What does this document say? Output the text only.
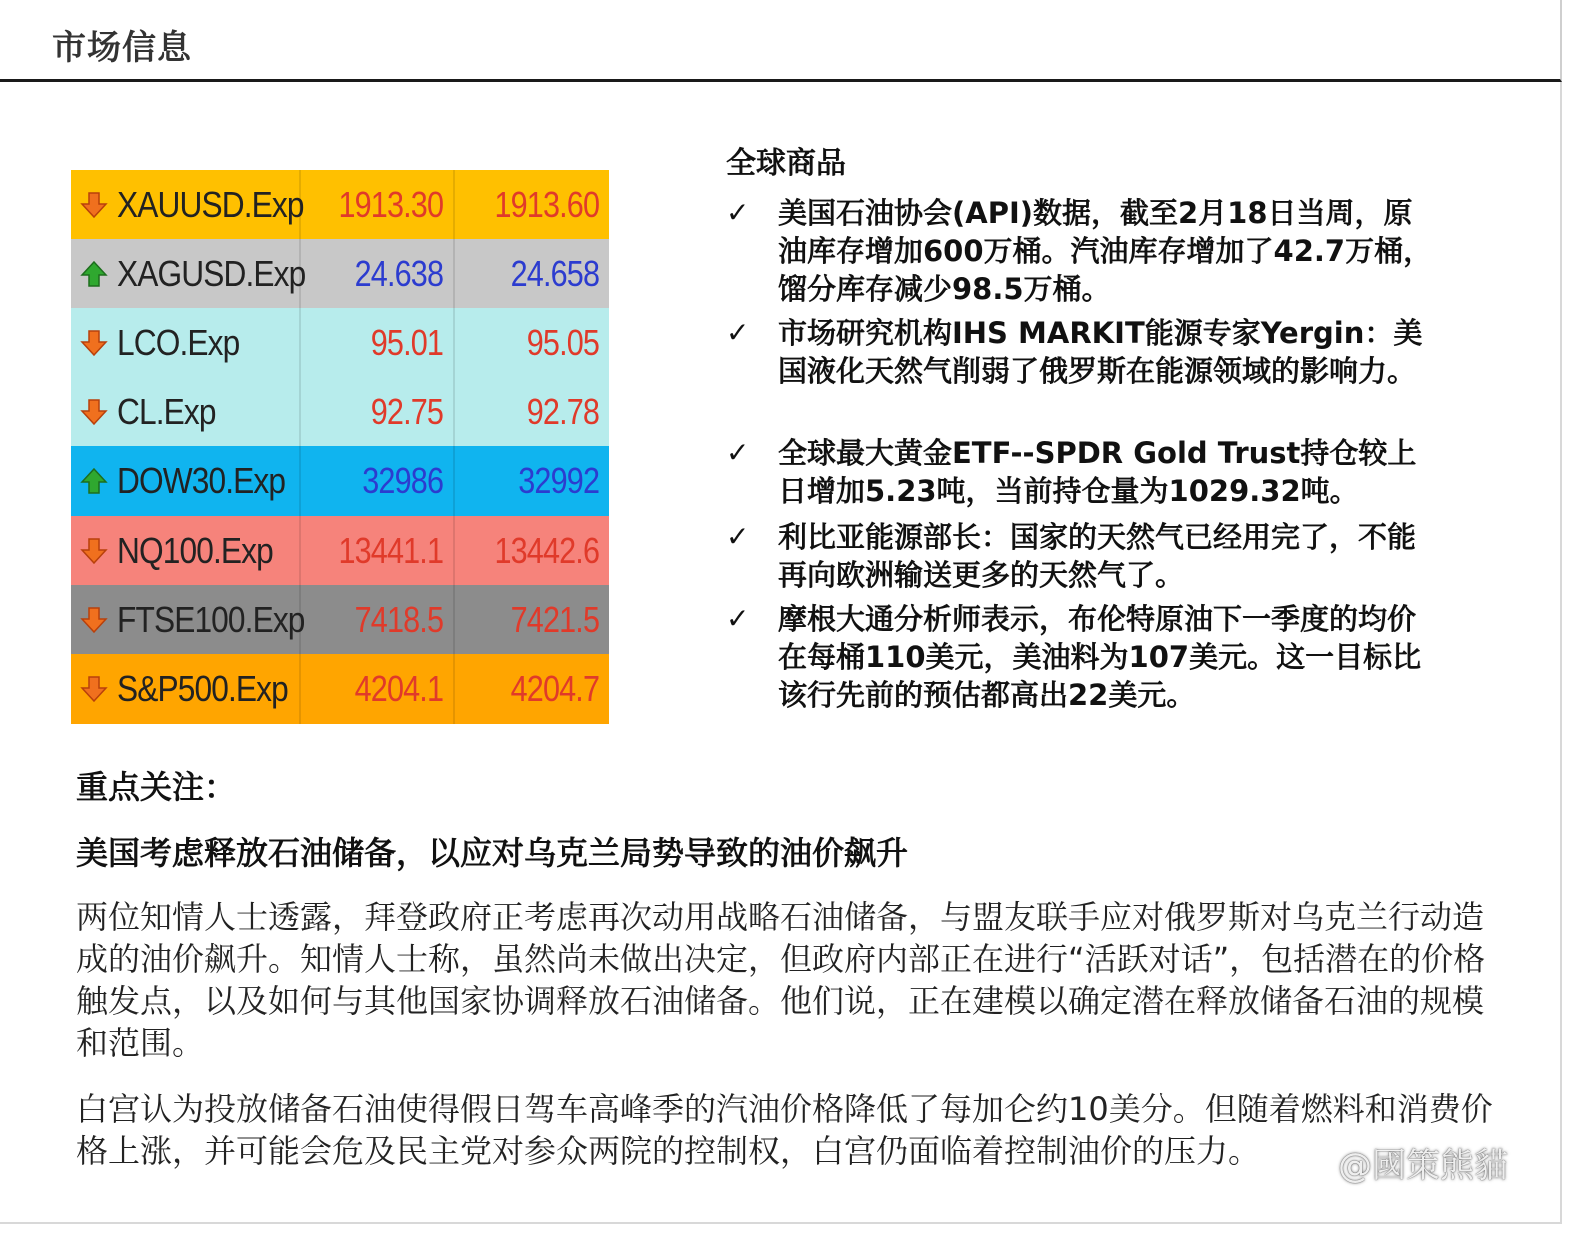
市场信息
XAUUSD.Exp 1913.30 1913.60
XAGUSD.Exp 24.638 24.658
LCO.Exp	95.01 95.05
CL.Exp	92.75 92.78
DOW30.Exp 32986 32992
NQ100.Exp 13441.1 13442.6
FTSE100.Exp 7418.5 7421.5
S&P500.Exp 4204.1 4204.7
全球商品
✓ 美国石油协会(API)数据，截至2月18日当周，原油库存增加600万桶。汽油库存增加了42.7万桶，馏分库存减少98.5万桶。
✓ 市场研究机构IHS MARKIT能源专家Yergin：美国液化天然气削弱了俄罗斯在能源领域的影响力。
✓ 全球最大黄金ETF--SPDR Gold Trust持仓较上日增加5.23吨，当前持仓量为1029.32吨。
✓ 利比亚能源部长：国家的天然气已经用完了，不能再向欧洲输送更多的天然气了。
✓ 摩根大通分析师表示，布伦特原油下一季度的均价在每桶110美元，美油料为107美元。这一目标比该行先前的预估都高出22美元。
重点关注：
美国考虑释放石油储备，以应对乌克兰局势导致的油价飙升
两位知情人士透露，拜登政府正考虑再次动用战略石油储备，与盟友联手应对俄罗斯对乌克兰行动造成的油价飙升。知情人士称，虽然尚未做出决定，但政府内部正在进行“活跃对话”，包括潜在的价格触发点，以及如何与其他国家协调释放石油储备。他们说，正在建模以确定潜在释放储备石油的规模和范围。
白宫认为投放储备石油使得假日驾车高峰季的汽油价格降低了每加仑约10美分。但随着燃料和消费价格上涨，并可能会危及民主党对参众两院的控制权，白宫仍面临着控制油价的压力。	@國策熊貓
